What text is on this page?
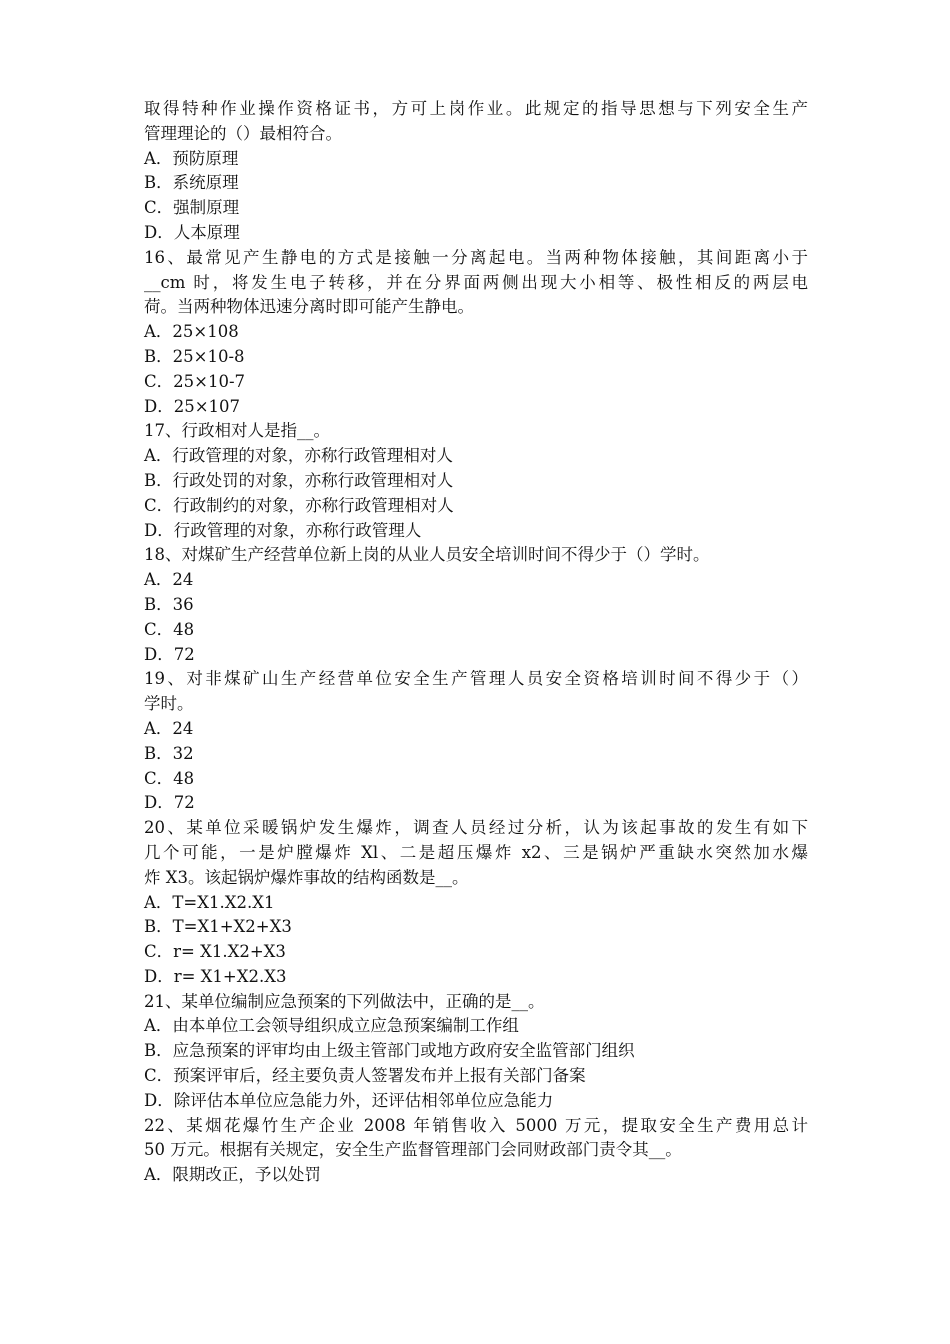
取得特种作业操作资格证书，方可上岗作业。此规定的指导思想与下列安全生产
管理理论的（）最相符合。
A．预防原理
B．系统原理
C．强制原理
D．人本原理
16、最常见产生静电的方式是接触一分离起电。当两种物体接触，其间距离小于
__cm 时，将发生电子转移，并在分界面两侧出现大小相等、极性相反的两层电
荷。当两种物体迅速分离时即可能产生静电。
A．25×108
B．25×10-8
C．25×10-7
D．25×107
17、行政相对人是指__。
A．行政管理的对象，亦称行政管理相对人
B．行政处罚的对象，亦称行政管理相对人
C．行政制约的对象，亦称行政管理相对人
D．行政管理的对象，亦称行政管理人
18、对煤矿生产经营单位新上岗的从业人员安全培训时间不得少于（）学时。
A．24
B．36
C．48
D．72
19、对非煤矿山生产经营单位安全生产管理人员安全资格培训时间不得少于（）
学时。
A．24
B．32
C．48
D．72
20、某单位采暖锅炉发生爆炸，调查人员经过分析，认为该起事故的发生有如下
几个可能，一是炉膛爆炸 Xl、二是超压爆炸 x2、三是锅炉严重缺水突然加水爆
炸 X3。该起锅炉爆炸事故的结构函数是__。
A．T=X1.X2.X1
B．T=X1+X2+X3
C．r= X1.X2+X3
D．r= X1+X2.X3
21、某单位编制应急预案的下列做法中，正确的是__。
A．由本单位工会领导组织成立应急预案编制工作组
B．应急预案的评审均由上级主管部门或地方政府安全监管部门组织
C．预案评审后，经主要负责人签署发布并上报有关部门备案
D．除评估本单位应急能力外，还评估相邻单位应急能力
22、某烟花爆竹生产企业 2008 年销售收入 5000 万元，提取安全生产费用总计
50 万元。根据有关规定，安全生产监督管理部门会同财政部门责令其__。
A．限期改正，予以处罚
